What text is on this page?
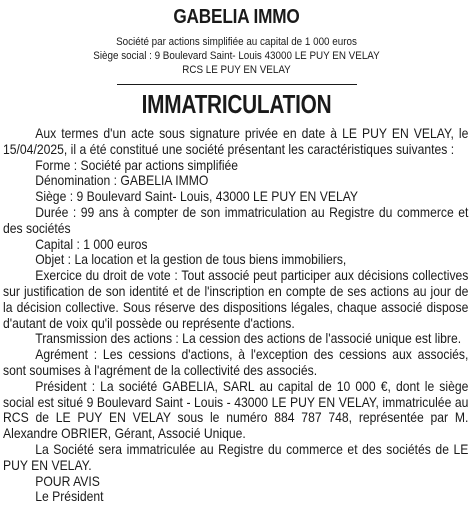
GABELIA IMMO
Société par actions simplifiée au capital de 1 000 euros
Siège social : 9 Boulevard Saint- Louis 43000 LE PUY EN VELAY
RCS LE PUY EN VELAY
IMMATRICULATION

Aux termes d'un acte sous signature privée en date à LE PUY EN VELAY, le 15/04/2025, il a été constitué une société présentant les caractéristiques suivantes :

Forme : Société par actions simplifiée

Dénomination : GABELIA IMMO

Siège : 9 Boulevard Saint- Louis, 43000 LE PUY EN VELAY

Durée : 99 ans à compter de son immatriculation au Registre du commerce et des sociétés

Capital : 1 000 euros

Objet : La location et la gestion de tous biens immobiliers,

Exercice du droit de vote : Tout associé peut participer aux décisions collectives sur justification de son identité et de l'inscription en compte de ses actions au jour de la décision collective. Sous réserve des dispositions légales, chaque associé dispose d'autant de voix qu'il possède ou représente d'actions.

Transmission des actions : La cession des actions de l'associé unique est libre.

Agrément : Les cessions d'actions, à l'exception des cessions aux associés, sont soumises à l'agrément de la collectivité des associés.

Président : La société GABELIA, SARL au capital de 10 000 €, dont le siège social est situé 9 Boulevard Saint - Louis - 43000 LE PUY EN VELAY, immatriculée au RCS de LE PUY EN VELAY sous le numéro 884 787 748, représentée par M. Alexandre OBRIER, Gérant, Associé Unique.

La Société sera immatriculée au Registre du commerce et des sociétés de LE PUY EN VELAY.

POUR AVIS

Le Président
